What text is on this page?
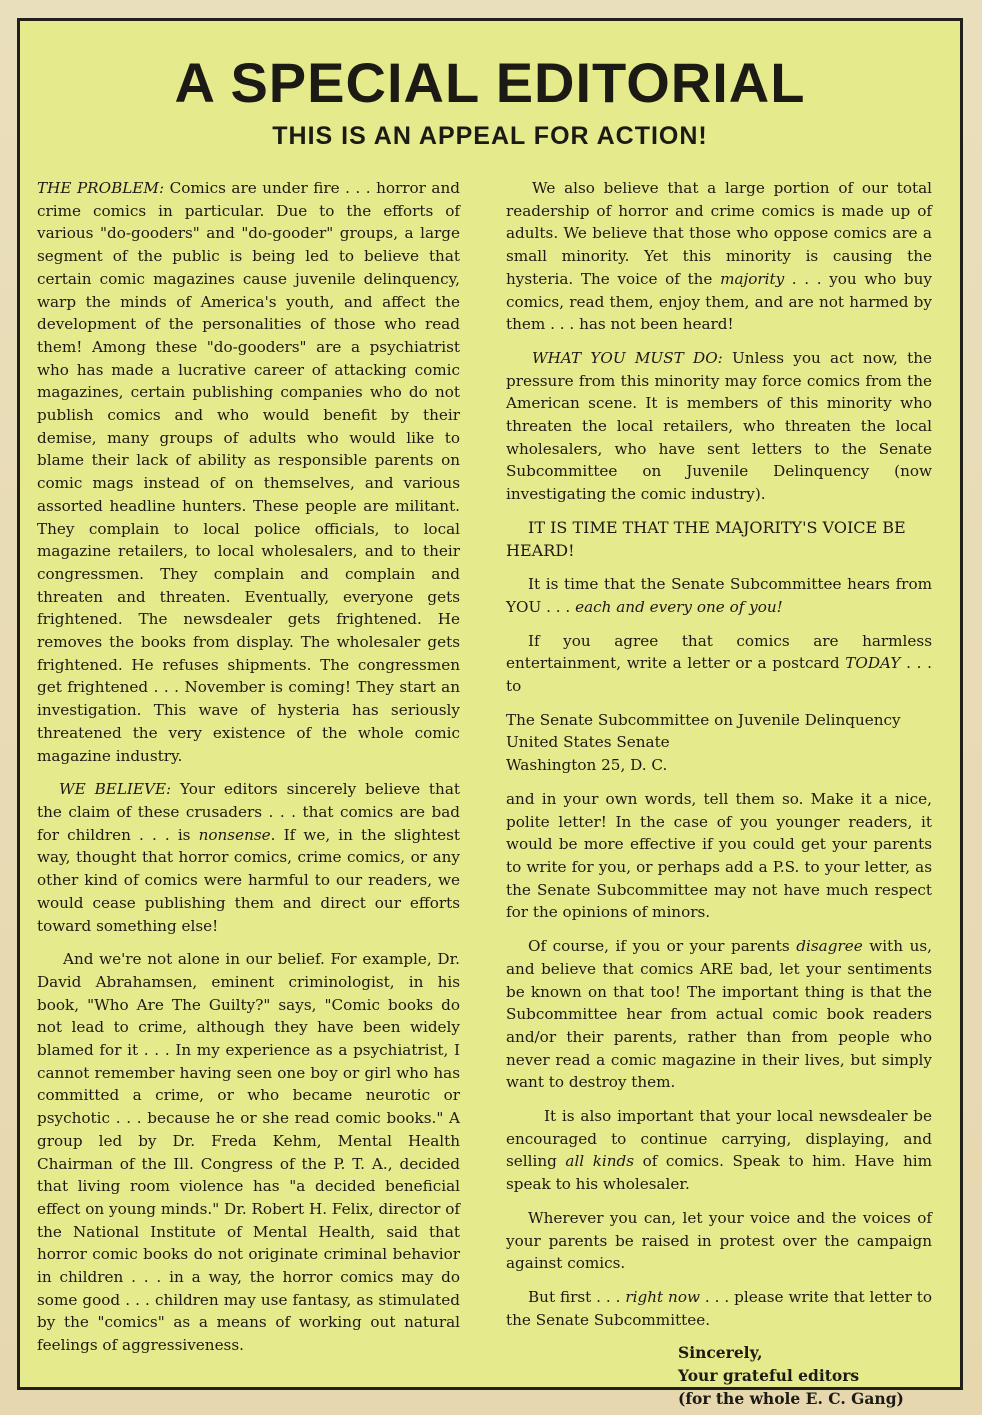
A SPECIAL EDITORIAL
THIS IS AN APPEAL FOR ACTION!

THE PROBLEM: Comics are under fire . . . horror and crime comics in particular. Due to the efforts of various "do-gooders" and "do-gooder" groups, a large segment of the public is being led to believe that certain comic magazines cause juvenile delinquency, warp the minds of America's youth, and affect the development of the personalities of those who read them! Among these "do-gooders" are a psychiatrist who has made a lucrative career of attacking comic magazines, certain publishing companies who do not publish comics and who would benefit by their demise, many groups of adults who would like to blame their lack of ability as responsible parents on comic mags instead of on themselves, and various assorted headline hunters. These people are militant. They complain to local police officials, to local magazine retailers, to local wholesalers, and to their congressmen. They complain and complain and threaten and threaten. Eventually, everyone gets frightened. The newsdealer gets frightened. He removes the books from display. The wholesaler gets frightened. He refuses shipments. The congressmen get frightened . . . November is coming! They start an investigation. This wave of hysteria has seriously threatened the very existence of the whole comic magazine industry.

WE BELIEVE: Your editors sincerely believe that the claim of these crusaders . . . that comics are bad for children . . . is nonsense. If we, in the slightest way, thought that horror comics, crime comics, or any other kind of comics were harmful to our readers, we would cease publishing them and direct our efforts toward something else!

And we're not alone in our belief. For example, Dr. David Abrahamsen, eminent criminologist, in his book, "Who Are The Guilty?" says, "Comic books do not lead to crime, although they have been widely blamed for it . . . In my experience as a psychiatrist, I cannot remember having seen one boy or girl who has committed a crime, or who became neurotic or psychotic . . . because he or she read comic books." A group led by Dr. Freda Kehm, Mental Health Chairman of the Ill. Congress of the P. T. A., decided that living room violence has "a decided beneficial effect on young minds." Dr. Robert H. Felix, director of the National Institute of Mental Health, said that horror comic books do not originate criminal behavior in children . . . in a way, the horror comics may do some good . . . children may use fantasy, as stimulated by the "comics" as a means of working out natural feelings of aggressiveness.

We also believe that a large portion of our total readership of horror and crime comics is made up of adults. We believe that those who oppose comics are a small minority. Yet this minority is causing the hysteria. The voice of the majority . . . you who buy comics, read them, enjoy them, and are not harmed by them . . . has not been heard!

WHAT YOU MUST DO: Unless you act now, the pressure from this minority may force comics from the American scene. It is members of this minority who threaten the local retailers, who threaten the local wholesalers, who have sent letters to the Senate Subcommittee on Juvenile Delinquency (now investigating the comic industry).

IT IS TIME THAT THE MAJORITY'S VOICE BE HEARD!

It is time that the Senate Subcommittee hears from YOU . . . each and every one of you!

If you agree that comics are harmless entertainment, write a letter or a postcard TODAY . . . to

The Senate Subcommittee on Juvenile Delinquency
United States Senate
Washington 25, D. C.

and in your own words, tell them so. Make it a nice, polite letter! In the case of you younger readers, it would be more effective if you could get your parents to write for you, or perhaps add a P.S. to your letter, as the Senate Subcommittee may not have much respect for the opinions of minors.

Of course, if you or your parents disagree with us, and believe that comics ARE bad, let your sentiments be known on that too! The important thing is that the Subcommittee hear from actual comic book readers and/or their parents, rather than from people who never read a comic magazine in their lives, but simply want to destroy them.

It is also important that your local newsdealer be encouraged to continue carrying, displaying, and selling all kinds of comics. Speak to him. Have him speak to his wholesaler.

Wherever you can, let your voice and the voices of your parents be raised in protest over the campaign against comics.

But first . . . right now . . . please write that letter to the Senate Subcommittee.

Sincerely,
Your grateful editors
(for the whole E. C. Gang)
